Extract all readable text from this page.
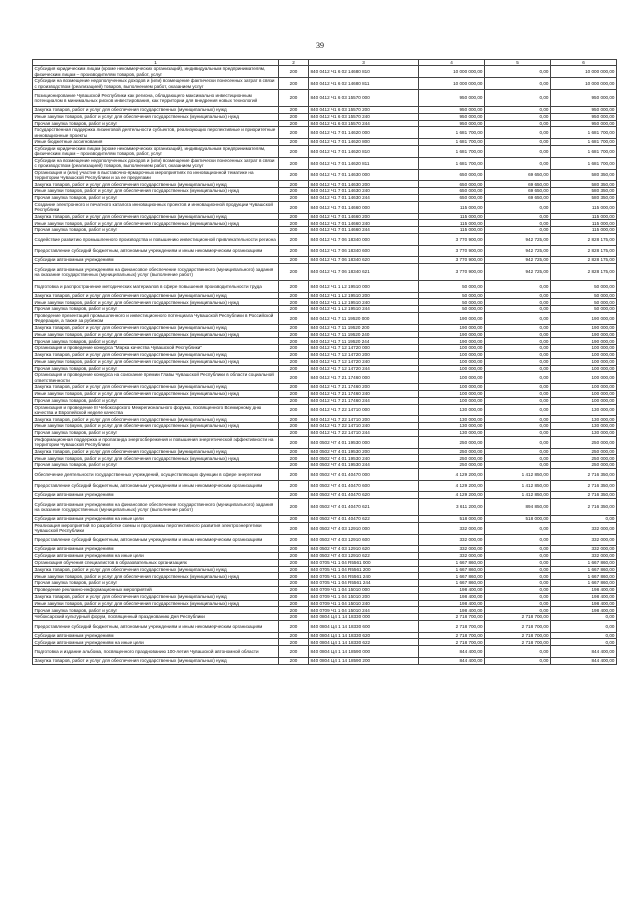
39
1	2	3	4	5	6
Субсидия юридическим лицам (кроме некоммерческих организаций), индивидуальным предпринимателям, физическим лицам – производителям товаров, работ, услуг	200	840 0412 Ч1 6 02 14680 810	10 000 000,00	0,00	10 000 000,00
Субсидии на возмещение недополученных доходов и (или) возмещение фактически понесенных затрат в связи с производством (реализацией) товаров, выполнением работ, оказанием услуг	200	840 0412 Ч1 6 02 14680 811	10 000 000,00	0,00	10 000 000,00
Позиционирование Чувашской Республики как региона, обладающего максимально инвестиционным потенциалом в минимальных рисков инвестирования, как территории для внедрения новых технологий	200	840 0412 Ч1 6 03 15570 000	950 000,00	0,00	950 000,00
Закупка товаров, работ и услуг для обеспечения государственных (муниципальных) нужд	200	840 0412 Ч1 6 03 15570 200	950 000,00	0,00	950 000,00
Иные закупки товаров, работ и услуг для обеспечения государственных (муниципальных) нужд	200	840 0412 Ч1 6 03 15570 240	950 000,00	0,00	950 000,00
Прочая закупка товаров, работ и услуг	200	840 0412 Ч1 6 03 15570 244	950 000,00	0,00	950 000,00
Государственная поддержка лизинговой деятельности субъектов, реализующих перспективные и приоритетные инновационные проекты	200	840 0412 Ч1 7 01 14620 000	1 681 700,00	0,00	1 681 700,00
Иные бюджетные ассигнования	200	840 0412 Ч1 7 01 14620 800	1 681 700,00	0,00	1 681 700,00
Субсидии юридическим лицам (кроме некоммерческих организаций), индивидуальным предпринимателям, физическим лицам – производителям товаров, работ, услуг	200	840 0412 Ч1 7 01 14620 810	1 681 700,00	0,00	1 681 700,00
Субсидии на возмещение недополученных доходов и (или) возмещение фактически понесенных затрат в связи с производством (реализацией) товаров, выполнением работ, оказанием услуг	200	840 0412 Ч1 7 01 14620 811	1 681 700,00	0,00	1 681 700,00
Организация и (или) участие в выставочно-ярмарочных мероприятиях по инновационной тематике на территории Чувашской Республики и за ее пределами	200	840 0412 Ч1 7 01 14630 000	650 000,00	69 650,00	580 350,00
Закупка товаров, работ и услуг для обеспечения государственных (муниципальных) нужд	200	840 0412 Ч1 7 01 14630 200	650 000,00	69 650,00	580 350,00
Иные закупки товаров, работ и услуг для обеспечения государственных (муниципальных) нужд	200	840 0412 Ч1 7 01 14630 240	650 000,00	69 650,00	580 350,00
Прочая закупка товаров, работ и услуг	200	840 0412 Ч1 7 01 14630 244	650 000,00	69 650,00	580 350,00
Создание электронного и печатного каталога инновационных проектов и инновационной продукции Чувашской Республики	200	840 0412 Ч1 7 01 14660 000	115 000,00	0,00	115 000,00
Закупка товаров, работ и услуг для обеспечения государственных (муниципальных) нужд	200	840 0412 Ч1 7 01 14660 200	115 000,00	0,00	115 000,00
Иные закупки товаров, работ и услуг для обеспечения государственных (муниципальных) нужд	200	840 0412 Ч1 7 01 14660 240	115 000,00	0,00	115 000,00
Прочая закупка товаров, работ и услуг	200	840 0412 Ч1 7 01 14660 244	115 000,00	0,00	115 000,00
Содействие развитию промышленного производства и повышению инвестиционной привлекательности региона	200	840 0412 Ч1 7 06 18340 000	3 770 900,00	942 725,00	2 828 175,00
Предоставление субсидий бюджетным, автономным учреждениям и иным некоммерческим организациям	200	840 0412 Ч1 7 06 18340 600	3 770 900,00	942 725,00	2 828 175,00
Субсидии автономным учреждениям	200	840 0412 Ч1 7 06 18340 620	3 770 900,00	942 725,00	2 828 175,00
Субсидии автономным учреждениям на финансовое обеспечение государственного (муниципального) задания на оказание государственных (муниципальных) услуг (выполнение работ)	200	840 0412 Ч1 7 06 18340 621	3 770 900,00	942 725,00	2 828 175,00
Подготовка и распространение методических материалов в сфере повышения производительности труда	200	840 0412 Ч1 1 L2 19510 000	50 000,00	0,00	50 000,00
Закупка товаров, работ и услуг для обеспечения государственных (муниципальных) нужд	200	840 0412 Ч1 1 L2 19510 200	50 000,00	0,00	50 000,00
Иные закупки товаров, работ и услуг для обеспечения государственных (муниципальных) нужд	200	840 0412 Ч1 1 L2 19510 240	50 000,00	0,00	50 000,00
Прочая закупка товаров, работ и услуг	200	840 0412 Ч1 1 L2 19510 244	50 000,00	0,00	50 000,00
Проведение презентаций промышленного и инвестиционного потенциала Чувашской Республики в Российской Федерации, а также за рубежом	200	840 0412 Ч1 7 11 19520 000	190 000,00	0,00	190 000,00
Закупка товаров, работ и услуг для обеспечения государственных (муниципальных) нужд	200	840 0412 Ч1 7 11 19520 200	190 000,00	0,00	190 000,00
Иные закупки товаров, работ и услуг для обеспечения государственных (муниципальных) нужд	200	840 0412 Ч1 7 11 19520 240	190 000,00	0,00	190 000,00
Прочая закупка товаров, работ и услуг	200	840 0412 Ч1 7 11 19520 244	190 000,00	0,00	190 000,00
Организация и проведение конкурса "Марка качества Чувашской Республики"	200	840 0412 Ч1 7 12 14720 000	100 000,00	0,00	100 000,00
Закупка товаров, работ и услуг для обеспечения государственных (муниципальных) нужд	200	840 0412 Ч1 7 12 14720 200	100 000,00	0,00	100 000,00
Иные закупки товаров, работ и услуг для обеспечения государственных (муниципальных) нужд	200	840 0412 Ч1 7 12 14720 240	100 000,00	0,00	100 000,00
Прочая закупка товаров, работ и услуг	200	840 0412 Ч1 7 12 14720 244	100 000,00	0,00	100 000,00
Организация и проведение конкурса на соискание премии Главы Чувашской Республики в области социальной ответственности	200	840 0412 Ч1 7 21 17460 000	100 000,00	0,00	100 000,00
Закупка товаров, работ и услуг для обеспечения государственных (муниципальных) нужд	200	840 0412 Ч1 7 21 17460 200	100 000,00	0,00	100 000,00
Иные закупки товаров, работ и услуг для обеспечения государственных (муниципальных) нужд	200	840 0412 Ч1 7 21 17460 240	100 000,00	0,00	100 000,00
Прочая закупка товаров, работ и услуг	200	840 0412 Ч1 7 21 17460 244	100 000,00	0,00	100 000,00
Организация и проведение III Чебоксарского Межрегионального форума, посвященного Всемирному дню качества и Европейской неделе качества	200	840 0412 Ч1 7 22 14710 000	130 000,00	0,00	130 000,00
Закупка товаров, работ и услуг для обеспечения государственных (муниципальных) нужд	200	840 0412 Ч1 7 22 14710 200	130 000,00	0,00	130 000,00
Иные закупки товаров, работ и услуг для обеспечения государственных (муниципальных) нужд	200	840 0412 Ч1 7 22 14710 240	130 000,00	0,00	130 000,00
Прочая закупка товаров, работ и услуг	200	840 0412 Ч1 7 22 14710 244	130 000,00	0,00	130 000,00
Информационная поддержка и пропаганда энергосбережения и повышения энергетической эффективности на территории Чувашской Республики	200	840 0502 Ч7 4 01 19530 000	250 000,00	0,00	250 000,00
Закупка товаров, работ и услуг для обеспечения государственных (муниципальных) нужд	200	840 0502 Ч7 4 01 19530 200	250 000,00	0,00	250 000,00
Иные закупки товаров, работ и услуг для обеспечения государственных (муниципальных) нужд	200	840 0502 Ч7 4 01 19530 240	250 000,00	0,00	250 000,00
Прочая закупка товаров, работ и услуг	200	840 0502 Ч7 4 01 19530 244	250 000,00	0,00	250 000,00
Обеспечение деятельности государственных учреждений, осуществляющих функции в сфере энергетики	200	840 0502 Ч7 4 01 40470 000	4 129 200,00	1 412 850,00	2 716 350,00
Предоставление субсидий бюджетным, автономным учреждениям и иным некоммерческим организациям	200	840 0502 Ч7 4 01 40470 600	4 129 200,00	1 412 850,00	2 716 350,00
Субсидии автономным учреждениям	200	840 0502 Ч7 4 01 40470 620	4 129 200,00	1 412 850,00	2 716 350,00
Субсидии автономным учреждениям на финансовое обеспечение государственного (муниципального) задания на оказание государственных (муниципальных) услуг (выполнение работ)	200	840 0502 Ч7 4 01 40470 621	3 611 200,00	894 850,00	2 716 350,00
Субсидии автономным учреждениям на иные цели	200	840 0502 Ч7 4 01 40470 622	518 000,00	518 000,00	0,00
Реализация мероприятий по разработке схемы и программы перспективного развития электроэнергетики Чувашской Республики	200	840 0502 Ч7 4 03 12910 000	332 000,00	0,00	332 000,00
Предоставление субсидий бюджетным, автономным учреждениям и иным некоммерческим организациям	200	840 0502 Ч7 4 03 12910 600	332 000,00	0,00	332 000,00
Субсидии автономным учреждениям	200	840 0502 Ч7 4 03 12910 620	332 000,00	0,00	332 000,00
Субсидии автономным учреждениям на иные цели	200	840 0502 Ч7 4 03 12910 622	332 000,00	0,00	332 000,00
Организация обучения специалистов в образовательных организациях	200	840 0705 Ч1 1 04 R5561 000	1 667 860,00	0,00	1 667 860,00
Закупка товаров, работ и услуг для обеспечения государственных (муниципальных) нужд	200	840 0705 Ч1 1 04 R5561 200	1 667 860,00	0,00	1 667 860,00
Иные закупки товаров, работ и услуг для обеспечения государственных (муниципальных) нужд	200	840 0705 Ч1 1 04 R5561 240	1 667 860,00	0,00	1 667 860,00
Прочая закупка товаров, работ и услуг	200	840 0705 Ч1 1 04 R5561 244	1 667 860,00	0,00	1 667 860,00
Проведение рекламно-информационных мероприятий	200	840 0709 Ч1 1 04 15010 000	198 400,00	0,00	198 400,00
Закупка товаров, работ и услуг для обеспечения государственных (муниципальных) нужд	200	840 0709 Ч1 1 04 15010 200	198 400,00	0,00	198 400,00
Иные закупки товаров, работ и услуг для обеспечения государственных (муниципальных) нужд	200	840 0709 Ч1 1 04 15010 240	198 400,00	0,00	198 400,00
Прочая закупка товаров, работ и услуг	200	840 0709 Ч1 1 04 15010 244	198 400,00	0,00	198 400,00
Чебоксарский культурный форум, посвященный празднованию Дня Республики	200	840 0804 Ц4 1 14 18330 000	2 718 700,00	2 718 700,00	0,00
Предоставление субсидий бюджетным, автономным учреждениям и иным некоммерческим организациям	200	840 0804 Ц4 1 14 18330 600	2 718 700,00	2 718 700,00	0,00
Субсидии автономным учреждениям	200	840 0804 Ц4 1 14 18330 620	2 718 700,00	2 718 700,00	0,00
Субсидии автономным учреждениям на иные цели	200	840 0804 Ц4 1 14 18330 622	2 718 700,00	2 718 700,00	0,00
Подготовка и издание альбома, посвященного празднованию 100-летия Чувашской автономной области	200	840 0804 Ц4 1 14 18590 000	844 400,00	0,00	844 400,00
Закупка товаров, работ и услуг для обеспечения государственных (муниципальных) нужд	200	840 0804 Ц4 1 14 18590 200	844 400,00	0,00	844 400,00
